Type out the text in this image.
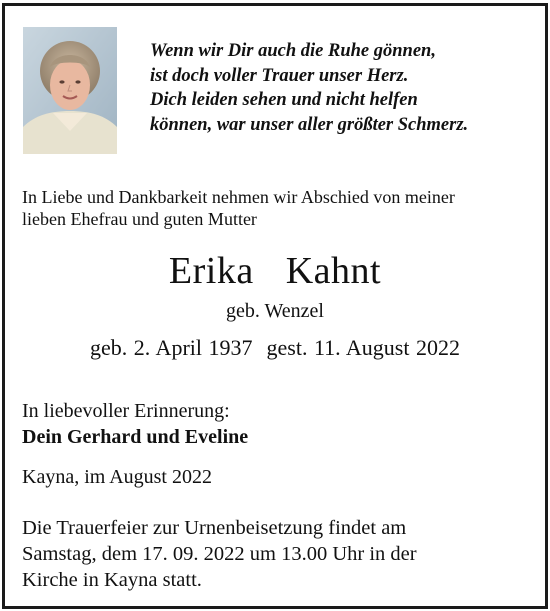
Wenn wir Dir auch die Ruhe gönnen,
ist doch voller Trauer unser Herz.
Dich leiden sehen und nicht helfen
können, war unser aller größter Schmerz.
In Liebe und Dankbarkeit nehmen wir Abschied von meiner
lieben Ehefrau und guten Mutter
Erika  Kahnt
geb. Wenzel
geb. 2. April 1937 gest. 11. August 2022
In liebevoller Erinnerung:
Dein Gerhard und Eveline
Kayna, im August 2022
Die Trauerfeier zur Urnenbeisetzung findet am
Samstag, dem 17. 09. 2022 um 13.00 Uhr in der
Kirche in Kayna statt.
